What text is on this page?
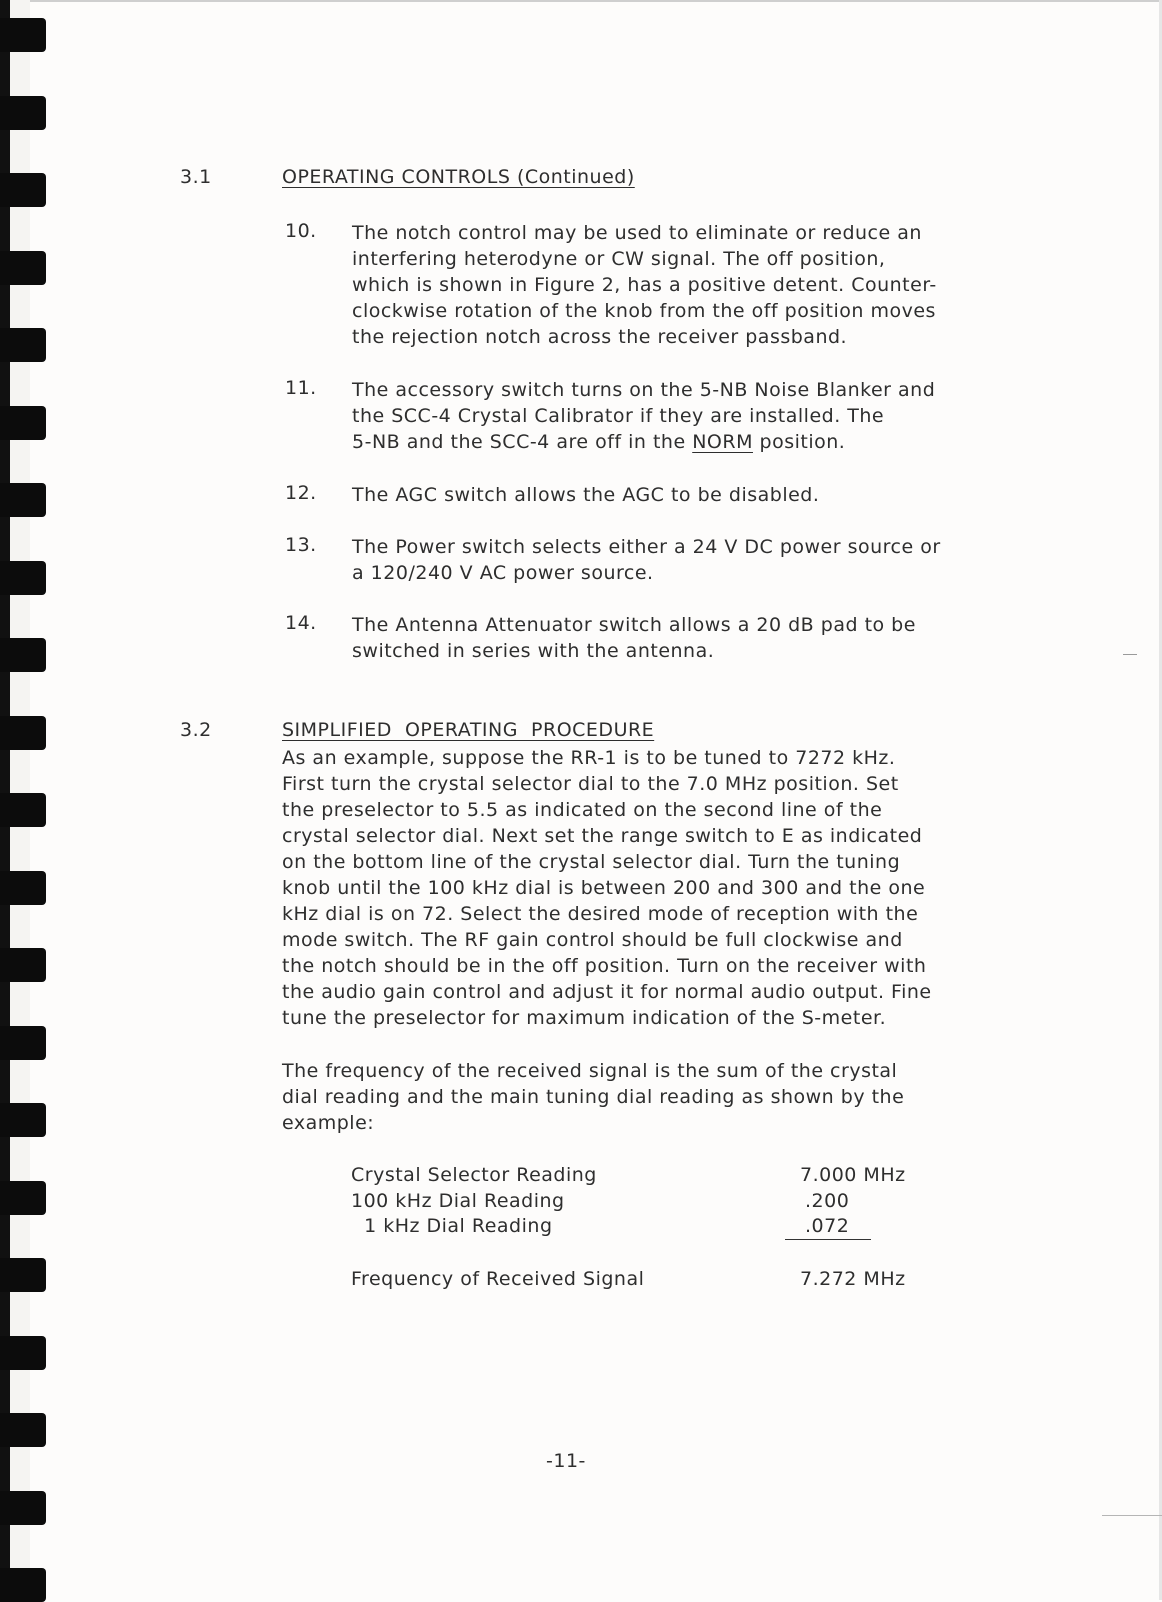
3.1	OPERATING CONTROLS (Continued)
10. The notch control may be used to eliminate or reduce an
interfering heterodyne or CW signal. The off position,
which is shown in Figure 2, has a positive detent. Counter-
clockwise rotation of the knob from the off position moves
the rejection notch across the receiver passband.
11. The accessory switch turns on the 5-NB Noise Blanker and
the SCC-4 Crystal Calibrator if they are installed. The
5-NB and the SCC-4 are off in the NORM position.
12. The AGC switch allows the AGC to be disabled.
13. The Power switch selects either a 24 V DC power source or
a 120/240 V AC power source.
14. The Antenna Attenuator switch allows a 20 dB pad to be
switched in series with the antenna.
3.2	SIMPLIFIED  OPERATING  PROCEDURE
As an example, suppose the RR-1 is to be tuned to 7272 kHz.
First turn the crystal selector dial to the 7.0 MHz position. Set
the preselector to 5.5 as indicated on the second line of the
crystal selector dial. Next set the range switch to E as indicated
on the bottom line of the crystal selector dial. Turn the tuning
knob until the 100 kHz dial is between 200 and 300 and the one
kHz dial is on 72. Select the desired mode of reception with the
mode switch. The RF gain control should be full clockwise and
the notch should be in the off position. Turn on the receiver with
the audio gain control and adjust it for normal audio output. Fine
tune the preselector for maximum indication of the S-meter.
The frequency of the received signal is the sum of the crystal
dial reading and the main tuning dial reading as shown by the
example:
Crystal Selector Reading	7.000 MHz
100 kHz Dial Reading	.200
1 kHz Dial Reading	.072
Frequency of Received Signal	7.272 MHz
-11-
